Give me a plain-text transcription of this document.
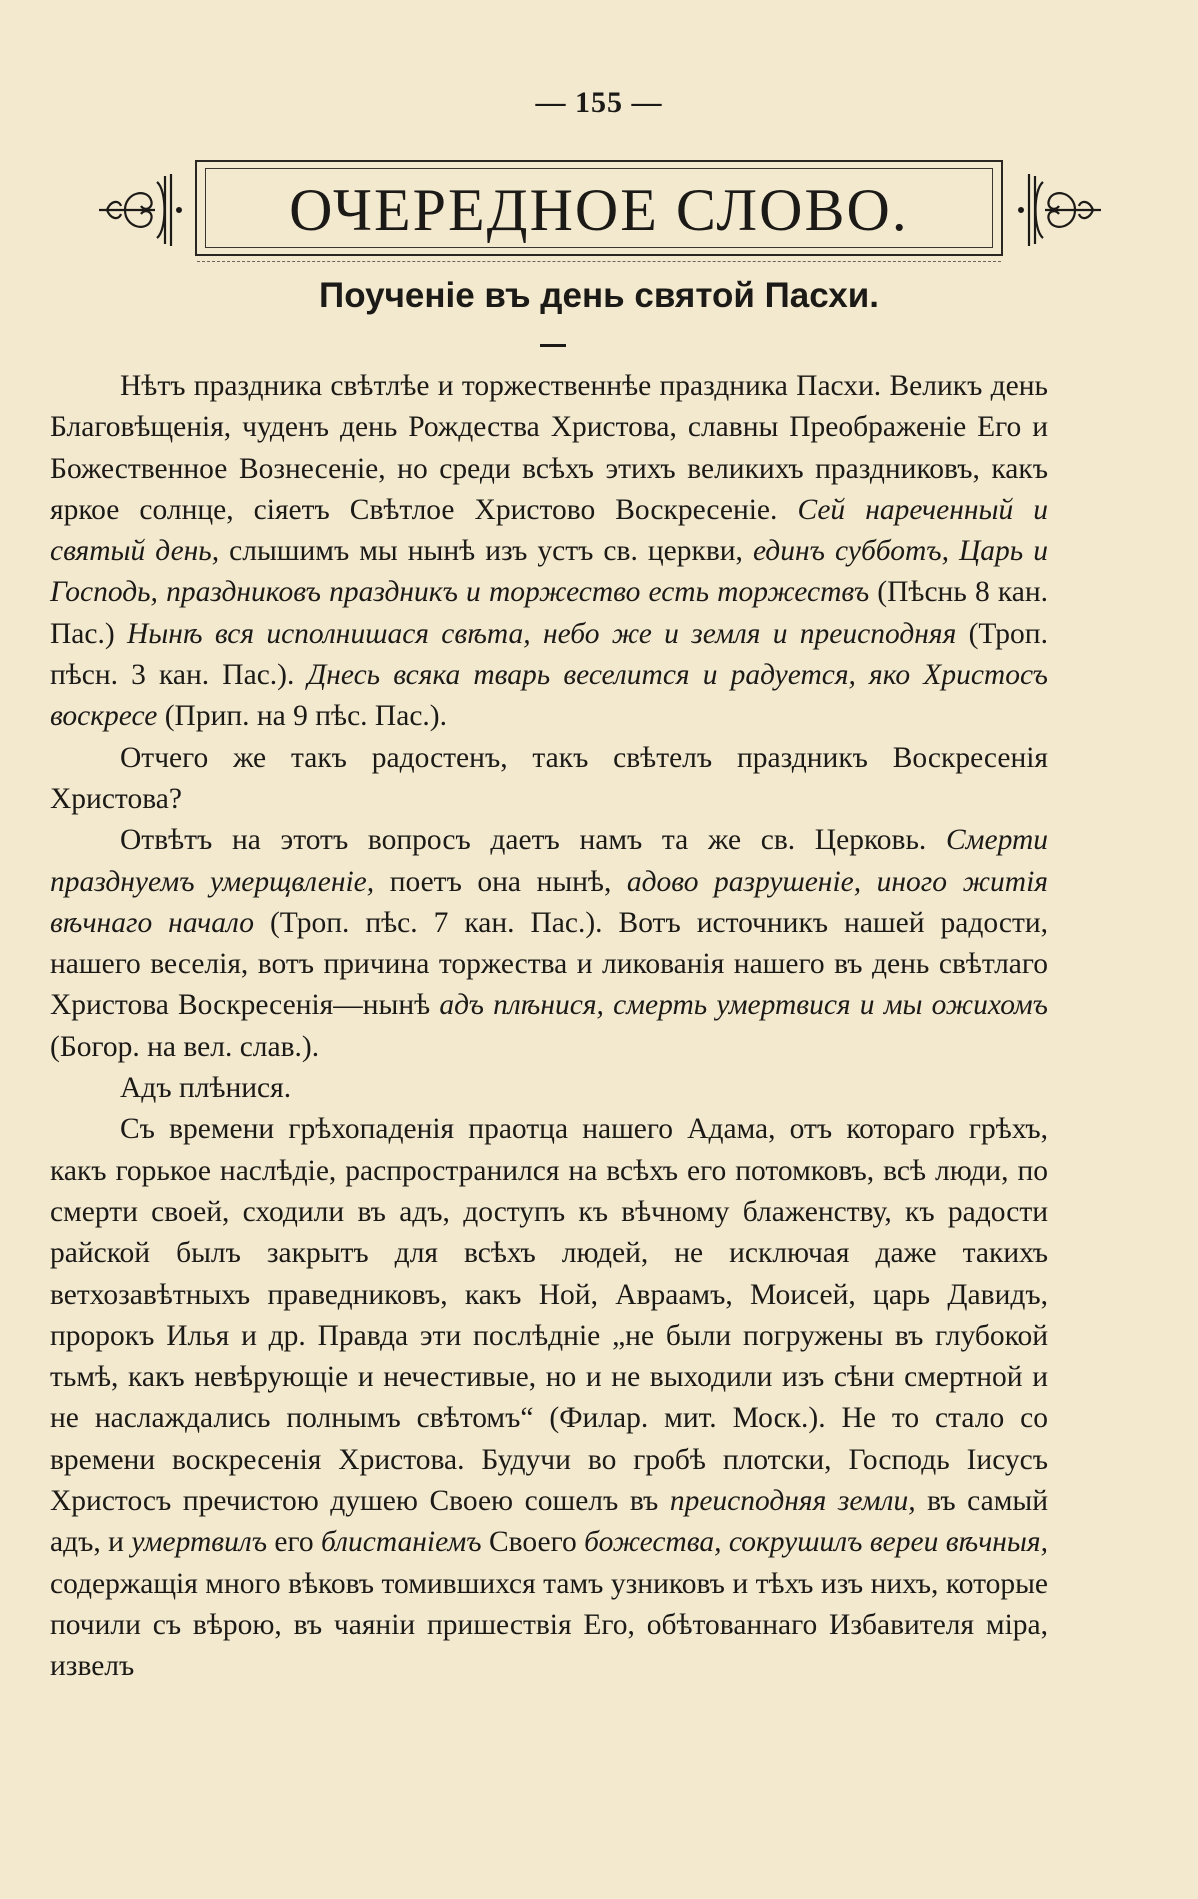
— 155 —
ОЧЕРЕДНОЕ СЛОВО.
Поученіе въ день святой Пасхи.

Нѣтъ праздника свѣтлѣе и торжественнѣе праздника Пасхи. Великъ день Благовѣщенія, чуденъ день Рождества Христова, славны Преображеніе Его и Божественное Вознесеніе, но среди всѣхъ этихъ великихъ праздниковъ, какъ яркое солнце, сіяетъ Свѣтлое Христово Воскресеніе. Сей нареченный и святый день, слышимъ мы нынѣ изъ устъ св. церкви, единъ субботъ, Царь и Господь, праздниковъ праздникъ и торжество есть торжествъ (Пѣснь 8 кан. Пас.) Нынѣ вся исполнишася свѣта, небо же и земля и преисподняя (Троп. пѣсн. 3 кан. Пас.). Днесь всяка тварь веселится и радуется, яко Христосъ воскресе (Прип. на 9 пѣс. Пас.).

Отчего же такъ радостенъ, такъ свѣтелъ праздникъ Воскресенія Христова?

Отвѣтъ на этотъ вопросъ даетъ намъ та же св. Церковь. Смерти празднуемъ умерщвленіе, поетъ она нынѣ, адово разрушеніе, иного житія вѣчнаго начало (Троп. пѣс. 7 кан. Пас.). Вотъ источникъ нашей радости, нашего веселія, вотъ причина торжества и ликованія нашего въ день свѣтлаго Христова Воскресенія—нынѣ адъ плѣнися, смерть умертвися и мы ожихомъ (Богор. на вел. слав.).

Адъ плѣнися.

Съ времени грѣхопаденія праотца нашего Адама, отъ котораго грѣхъ, какъ горькое наслѣдіе, распространился на всѣхъ его потомковъ, всѣ люди, по смерти своей, сходили въ адъ, доступъ къ вѣчному блаженству, къ радости райской былъ закрытъ для всѣхъ людей, не исключая даже такихъ ветхозавѣтныхъ праведниковъ, какъ Ной, Авраамъ, Моисей, царь Давидъ, пророкъ Илья и др. Правда эти послѣдніе „не были погружены въ глубокой тьмѣ, какъ невѣрующіе и нечестивые, но и не выходили изъ сѣни смертной и не наслаждались полнымъ свѣтомъ“ (Филар. мит. Моск.). Не то стало со времени воскресенія Христова. Будучи во гробѣ плотски, Господь Іисусъ Христосъ пречистою душею Своею сошелъ въ преисподняя земли, въ самый адъ, и умертвилъ его блистаніемъ Своего божества, сокрушилъ вереи вѣчныя, содержащія много вѣковъ томившихся тамъ узниковъ и тѣхъ изъ нихъ, которые почили съ вѣрою, въ чаяніи пришествія Его, обѣтованнаго Избавителя міра, извелъ
